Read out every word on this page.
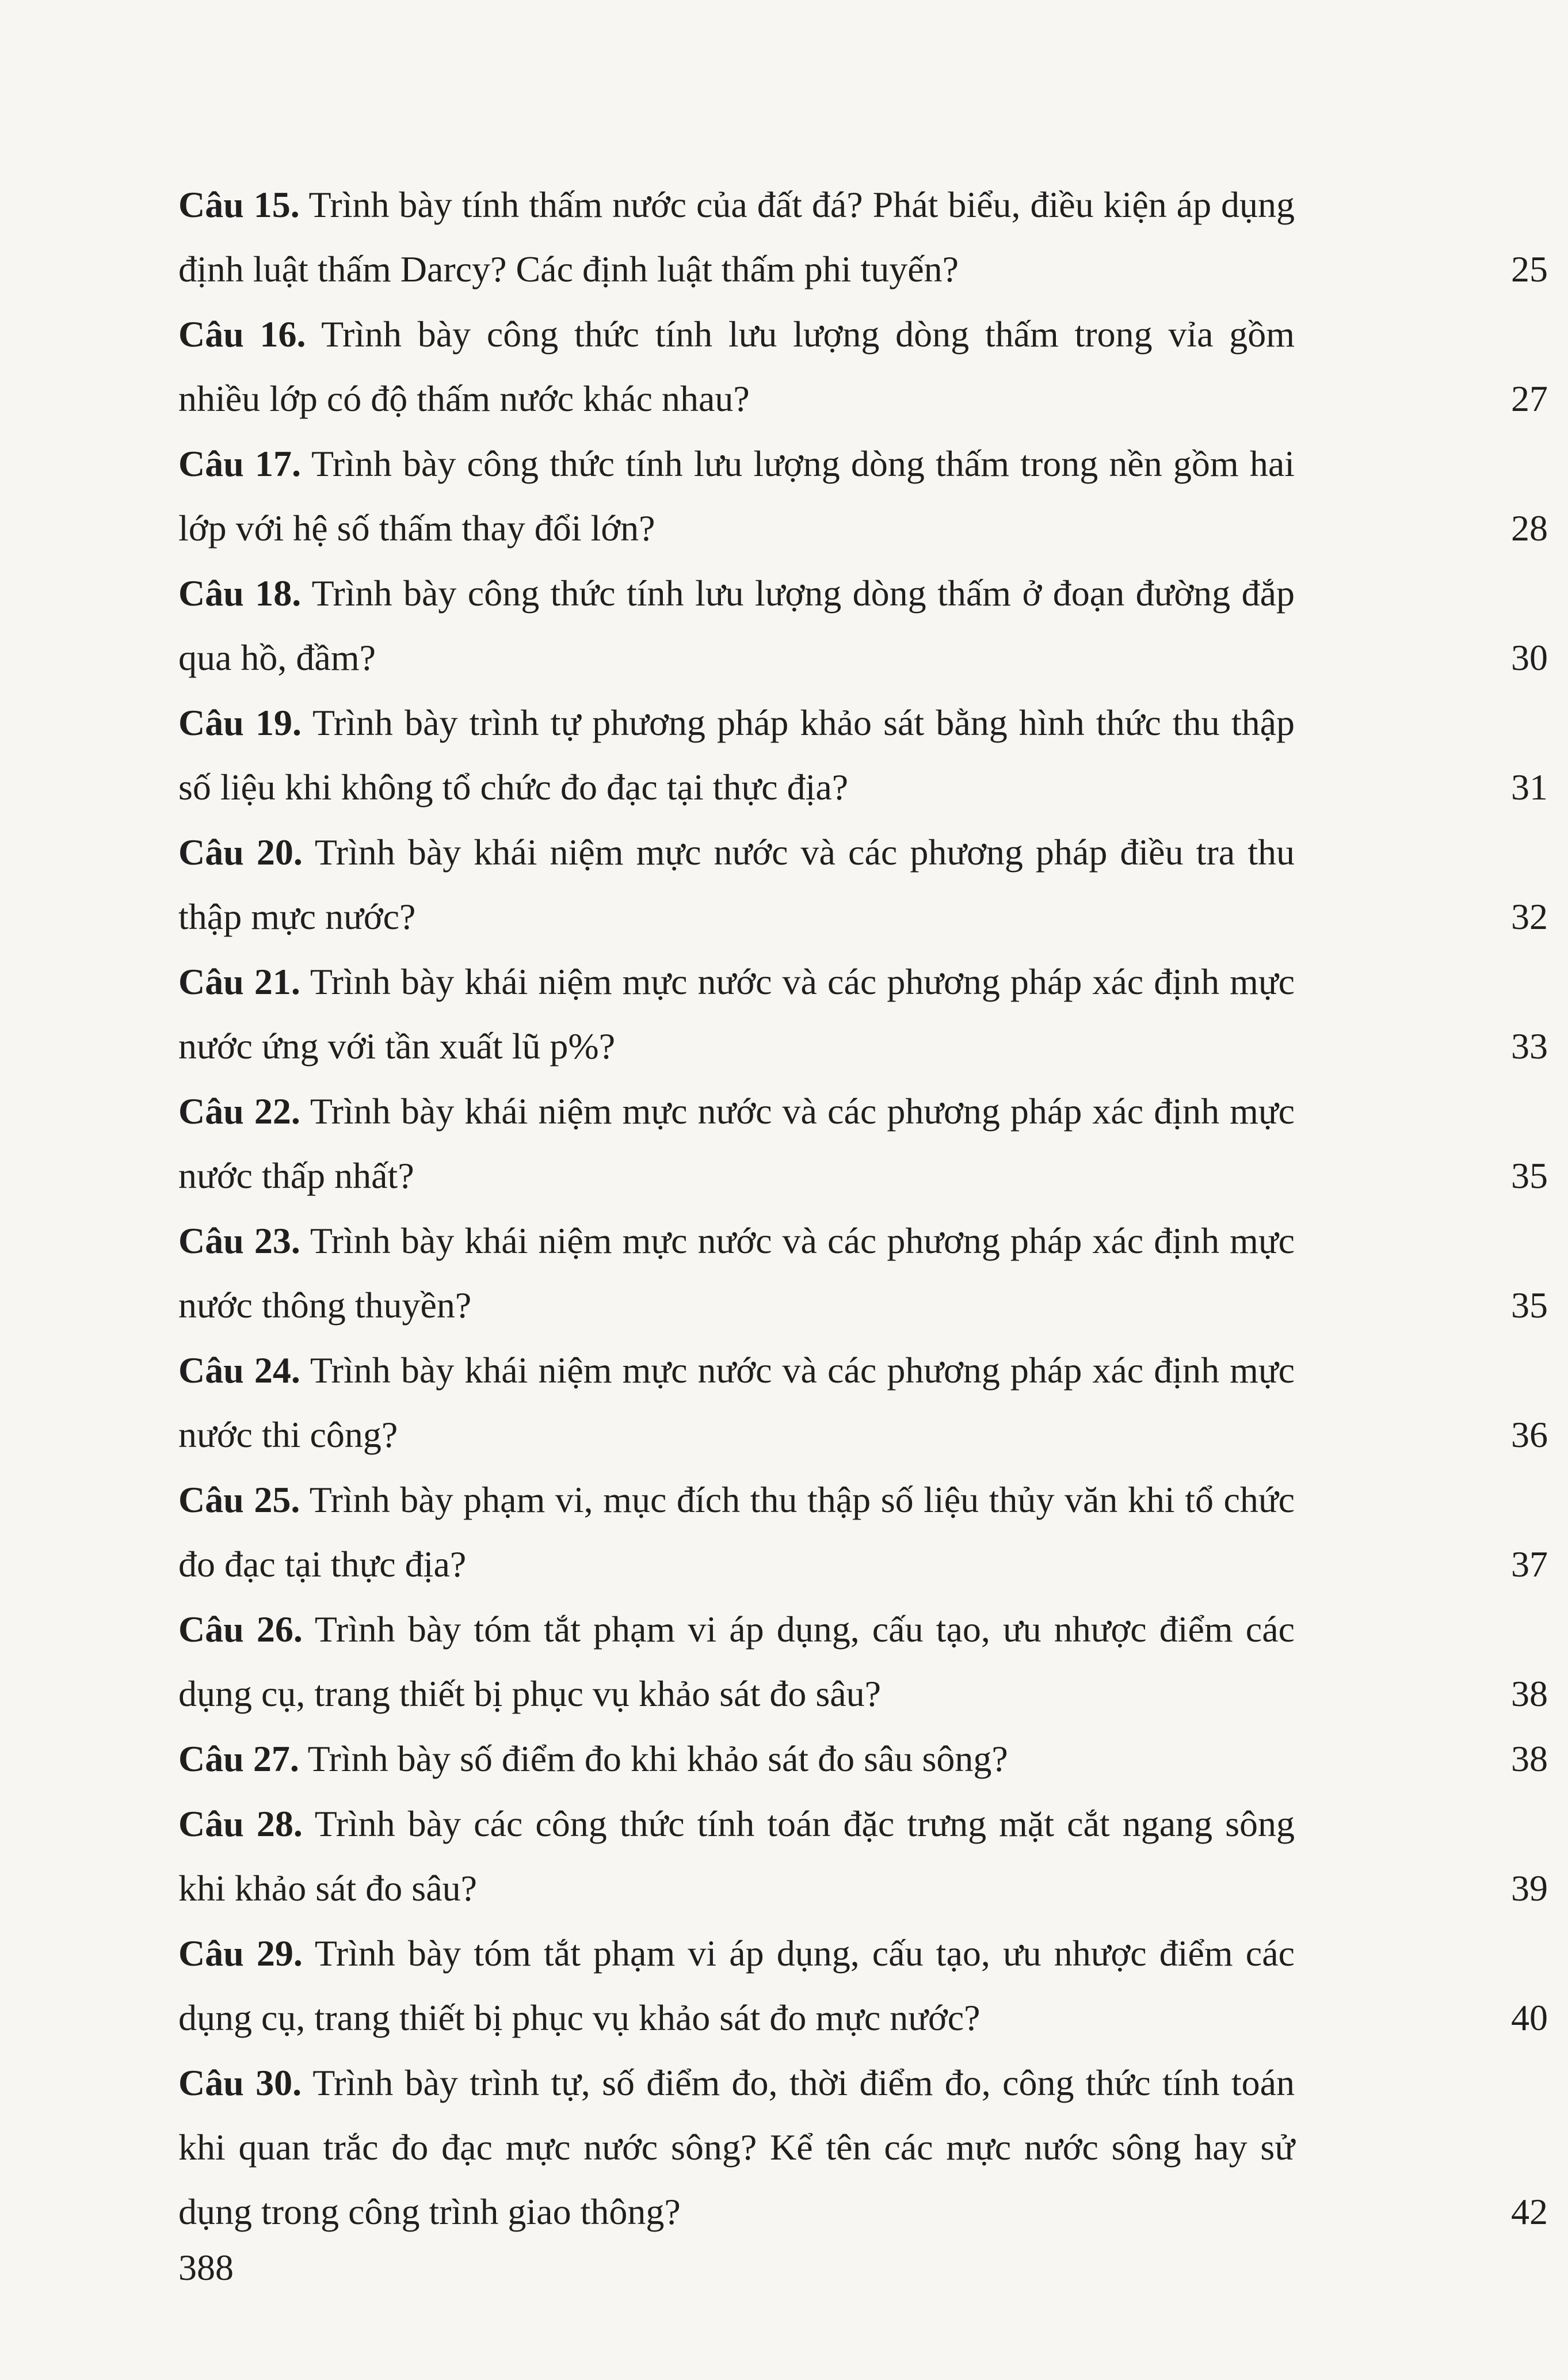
Câu 15. Trình bày tính thấm nước của đất đá? Phát biểu, điều kiện áp dụng định luật thấm Darcy? Các định luật thấm phi tuyến?	25
Câu 16. Trình bày công thức tính lưu lượng dòng thấm trong vỉa gồm nhiều lớp có độ thấm nước khác nhau?	27
Câu 17. Trình bày công thức tính lưu lượng dòng thấm trong nền gồm hai lớp với hệ số thấm thay đổi lớn?	28
Câu 18. Trình bày công thức tính lưu lượng dòng thấm ở đoạn đường đắp qua hồ, đầm?	30
Câu 19. Trình bày trình tự phương pháp khảo sát bằng hình thức thu thập số liệu khi không tổ chức đo đạc tại thực địa?	31
Câu 20. Trình bày khái niệm mực nước và các phương pháp điều tra thu thập mực nước?	32
Câu 21. Trình bày khái niệm mực nước và các phương pháp xác định mực nước ứng với tần xuất lũ p%?	33
Câu 22. Trình bày khái niệm mực nước và các phương pháp xác định mực nước thấp nhất?	35
Câu 23. Trình bày khái niệm mực nước và các phương pháp xác định mực nước thông thuyền?	35
Câu 24. Trình bày khái niệm mực nước và các phương pháp xác định mực nước thi công?	36
Câu 25. Trình bày phạm vi, mục đích thu thập số liệu thủy văn khi tổ chức đo đạc tại thực địa?	37
Câu 26. Trình bày tóm tắt phạm vi áp dụng, cấu tạo, ưu nhược điểm các dụng cụ, trang thiết bị phục vụ khảo sát đo sâu?	38
Câu 27. Trình bày số điểm đo khi khảo sát đo sâu sông?	38
Câu 28. Trình bày các công thức tính toán đặc trưng mặt cắt ngang sông khi khảo sát đo sâu?	39
Câu 29. Trình bày tóm tắt phạm vi áp dụng, cấu tạo, ưu nhược điểm các dụng cụ, trang thiết bị phục vụ khảo sát đo mực nước?	40
Câu 30. Trình bày trình tự, số điểm đo, thời điểm đo, công thức tính toán khi quan trắc đo đạc mực nước sông? Kể tên các mực nước sông hay sử dụng trong công trình giao thông?	42
388
